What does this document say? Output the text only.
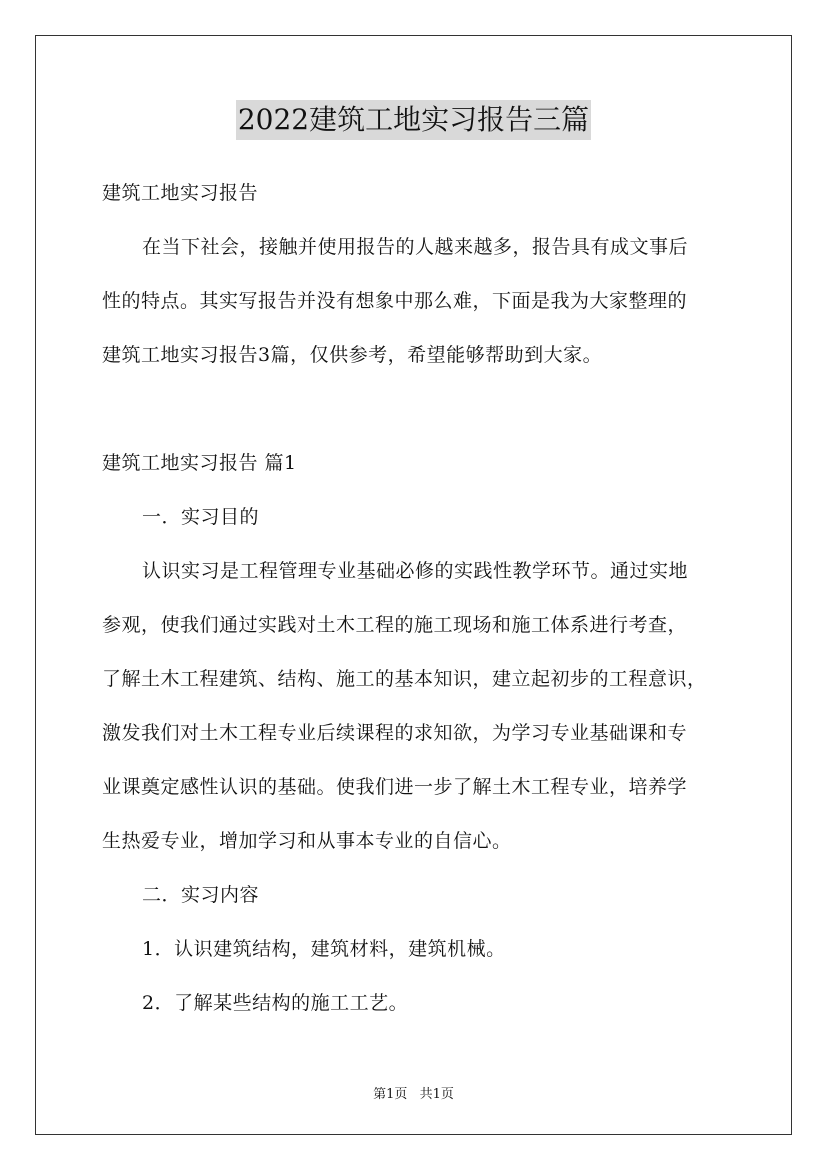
2022建筑工地实习报告三篇
建筑工地实习报告
在当下社会，接触并使用报告的人越来越多，报告具有成文事后
性的特点。其实写报告并没有想象中那么难，下面是我为大家整理的
建筑工地实习报告3篇，仅供参考，希望能够帮助到大家。
建筑工地实习报告 篇1
一．实习目的
认识实习是工程管理专业基础必修的实践性教学环节。通过实地
参观，使我们通过实践对土木工程的施工现场和施工体系进行考查，
了解土木工程建筑、结构、施工的基本知识，建立起初步的工程意识，
激发我们对土木工程专业后续课程的求知欲，为学习专业基础课和专
业课奠定感性认识的基础。使我们进一步了解土木工程专业，培养学
生热爱专业，增加学习和从事本专业的自信心。
二．实习内容
1．认识建筑结构，建筑材料，建筑机械。
2．了解某些结构的施工工艺。
第1页 共1页
